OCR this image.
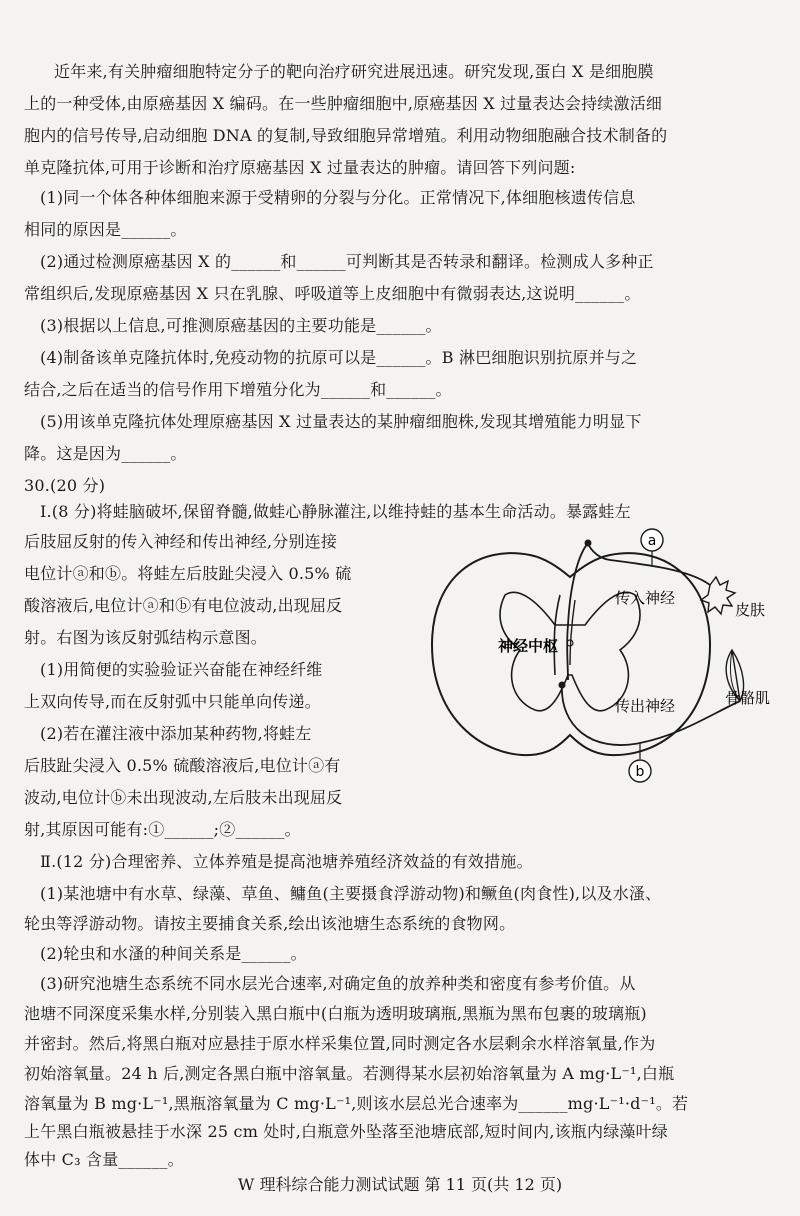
近年来,有关肿瘤细胞特定分子的靶向治疗研究进展迅速。研究发现,蛋白 X 是细胞膜
上的一种受体,由原癌基因 X 编码。在一些肿瘤细胞中,原癌基因 X 过量表达会持续激活细
胞内的信号传导,启动细胞 DNA 的复制,导致细胞异常增殖。利用动物细胞融合技术制备的
单克隆抗体,可用于诊断和治疗原癌基因 X 过量表达的肿瘤。请回答下列问题:
(1)同一个体各种体细胞来源于受精卵的分裂与分化。正常情况下,体细胞核遗传信息
相同的原因是______。
(2)通过检测原癌基因 X 的______和______可判断其是否转录和翻译。检测成人多种正
常组织后,发现原癌基因 X 只在乳腺、呼吸道等上皮细胞中有微弱表达,这说明______。
(3)根据以上信息,可推测原癌基因的主要功能是______。
(4)制备该单克隆抗体时,免疫动物的抗原可以是______。B 淋巴细胞识别抗原并与之
结合,之后在适当的信号作用下增殖分化为______和______。
(5)用该单克隆抗体处理原癌基因 X 过量表达的某肿瘤细胞株,发现其增殖能力明显下
降。这是因为______。
30.(20 分)
Ⅰ.(8 分)将蛙脑破坏,保留脊髓,做蛙心静脉灌注,以维持蛙的基本生命活动。暴露蛙左
后肢屈反射的传入神经和传出神经,分别连接
电位计ⓐ和ⓑ。将蛙左后肢趾尖浸入 0.5% 硫
酸溶液后,电位计ⓐ和ⓑ有电位波动,出现屈反
射。右图为该反射弧结构示意图。
(1)用简便的实验验证兴奋能在神经纤维
上双向传导,而在反射弧中只能单向传递。
(2)若在灌注液中添加某种药物,将蛙左
后肢趾尖浸入 0.5% 硫酸溶液后,电位计ⓐ有
波动,电位计ⓑ未出现波动,左后肢未出现屈反
射,其原因可能有:①______;②______。
a
b
皮肤
骨骼肌
传入神经
传出神经
神经中枢
Ⅱ.(12 分)合理密养、立体养殖是提高池塘养殖经济效益的有效措施。
(1)某池塘中有水草、绿藻、草鱼、鳙鱼(主要摄食浮游动物)和鳜鱼(肉食性),以及水溞、
轮虫等浮游动物。请按主要捕食关系,绘出该池塘生态系统的食物网。
(2)轮虫和水溞的种间关系是______。
(3)研究池塘生态系统不同水层光合速率,对确定鱼的放养种类和密度有参考价值。从
池塘不同深度采集水样,分别装入黑白瓶中(白瓶为透明玻璃瓶,黑瓶为黑布包裹的玻璃瓶)
并密封。然后,将黑白瓶对应悬挂于原水样采集位置,同时测定各水层剩余水样溶氧量,作为
初始溶氧量。24 h 后,测定各黑白瓶中溶氧量。若测得某水层初始溶氧量为 A mg·L⁻¹,白瓶
溶氧量为 B mg·L⁻¹,黑瓶溶氧量为 C mg·L⁻¹,则该水层总光合速率为______mg·L⁻¹·d⁻¹。若
上午黑白瓶被悬挂于水深 25 cm 处时,白瓶意外坠落至池塘底部,短时间内,该瓶内绿藻叶绿
体中 C₃ 含量______。
W 理科综合能力测试试题 第 11 页(共 12 页)
